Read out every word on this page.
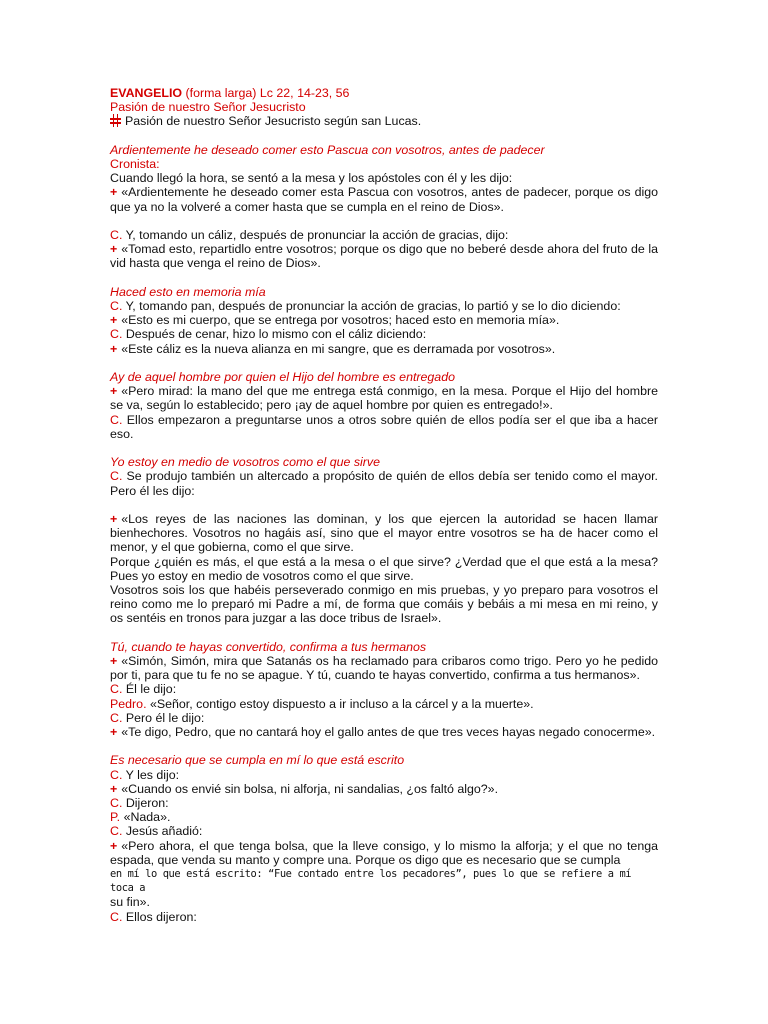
EVANGELIO (forma larga) Lc 22, 14-23, 56
Pasión de nuestro Señor Jesucristo
Pasión de nuestro Señor Jesucristo según san Lucas.
Ardientemente he deseado comer esto Pascua con vosotros, antes de padecer
Cronista:
Cuando llegó la hora, se sentó a la mesa y los apóstoles con él y les dijo:
+ «Ardientemente he deseado comer esta Pascua con vosotros, antes de padecer, porque os digo que ya no la volveré a comer hasta que se cumpla en el reino de Dios».
C. Y, tomando un cáliz, después de pronunciar la acción de gracias, dijo:
+ «Tomad esto, repartidlo entre vosotros; porque os digo que no beberé desde ahora del fruto de la vid hasta que venga el reino de Dios».
Haced esto en memoria mía
C. Y, tomando pan, después de pronunciar la acción de gracias, lo partió y se lo dio diciendo:
+ «Esto es mi cuerpo, que se entrega por vosotros; haced esto en memoria mía».
C. Después de cenar, hizo lo mismo con el cáliz diciendo:
+ «Este cáliz es la nueva alianza en mi sangre, que es derramada por vosotros».
Ay de aquel hombre por quien el Hijo del hombre es entregado
+ «Pero mirad: la mano del que me entrega está conmigo, en la mesa. Porque el Hijo del hombre se va, según lo establecido; pero ¡ay de aquel hombre por quien es entregado!».
C. Ellos empezaron a preguntarse unos a otros sobre quién de ellos podía ser el que iba a hacer eso.
Yo estoy en medio de vosotros como el que sirve
C. Se produjo también un altercado a propósito de quién de ellos debía ser tenido como el mayor. Pero él les dijo:
+ «Los reyes de las naciones las dominan, y los que ejercen la autoridad se hacen llamar bienhechores. Vosotros no hagáis así, sino que el mayor entre vosotros se ha de hacer como el menor, y el que gobierna, como el que sirve.
Porque ¿quién es más, el que está a la mesa o el que sirve? ¿Verdad que el que está a la mesa? Pues yo estoy en medio de vosotros como el que sirve.
Vosotros sois los que habéis perseverado conmigo en mis pruebas, y yo preparo para vosotros el reino como me lo preparó mi Padre a mí, de forma que comáis y bebáis a mi mesa en mi reino, y os sentéis en tronos para juzgar a las doce tribus de Israel».
Tú, cuando te hayas convertido, confirma a tus hermanos
+ «Simón, Simón, mira que Satanás os ha reclamado para cribaros como trigo. Pero yo he pedido por ti, para que tu fe no se apague. Y tú, cuando te hayas convertido, confirma a tus hermanos».
C. Él le dijo:
Pedro. «Señor, contigo estoy dispuesto a ir incluso a la cárcel y a la muerte».
C. Pero él le dijo:
+ «Te digo, Pedro, que no cantará hoy el gallo antes de que tres veces hayas negado conocerme».
Es necesario que se cumpla en mí lo que está escrito
C. Y les dijo:
+ «Cuando os envié sin bolsa, ni alforja, ni sandalias, ¿os faltó algo?».
C. Dijeron:
P. «Nada».
C. Jesús añadió:
+ «Pero ahora, el que tenga bolsa, que la lleve consigo, y lo mismo la alforja; y el que no tenga espada, que venda su manto y compre una. Porque os digo que es necesario que se cumpla
en mí lo que está escrito: “Fue contado entre los pecadores”, pues lo que se refiere a mí toca a
su fin».
C. Ellos dijeron:
